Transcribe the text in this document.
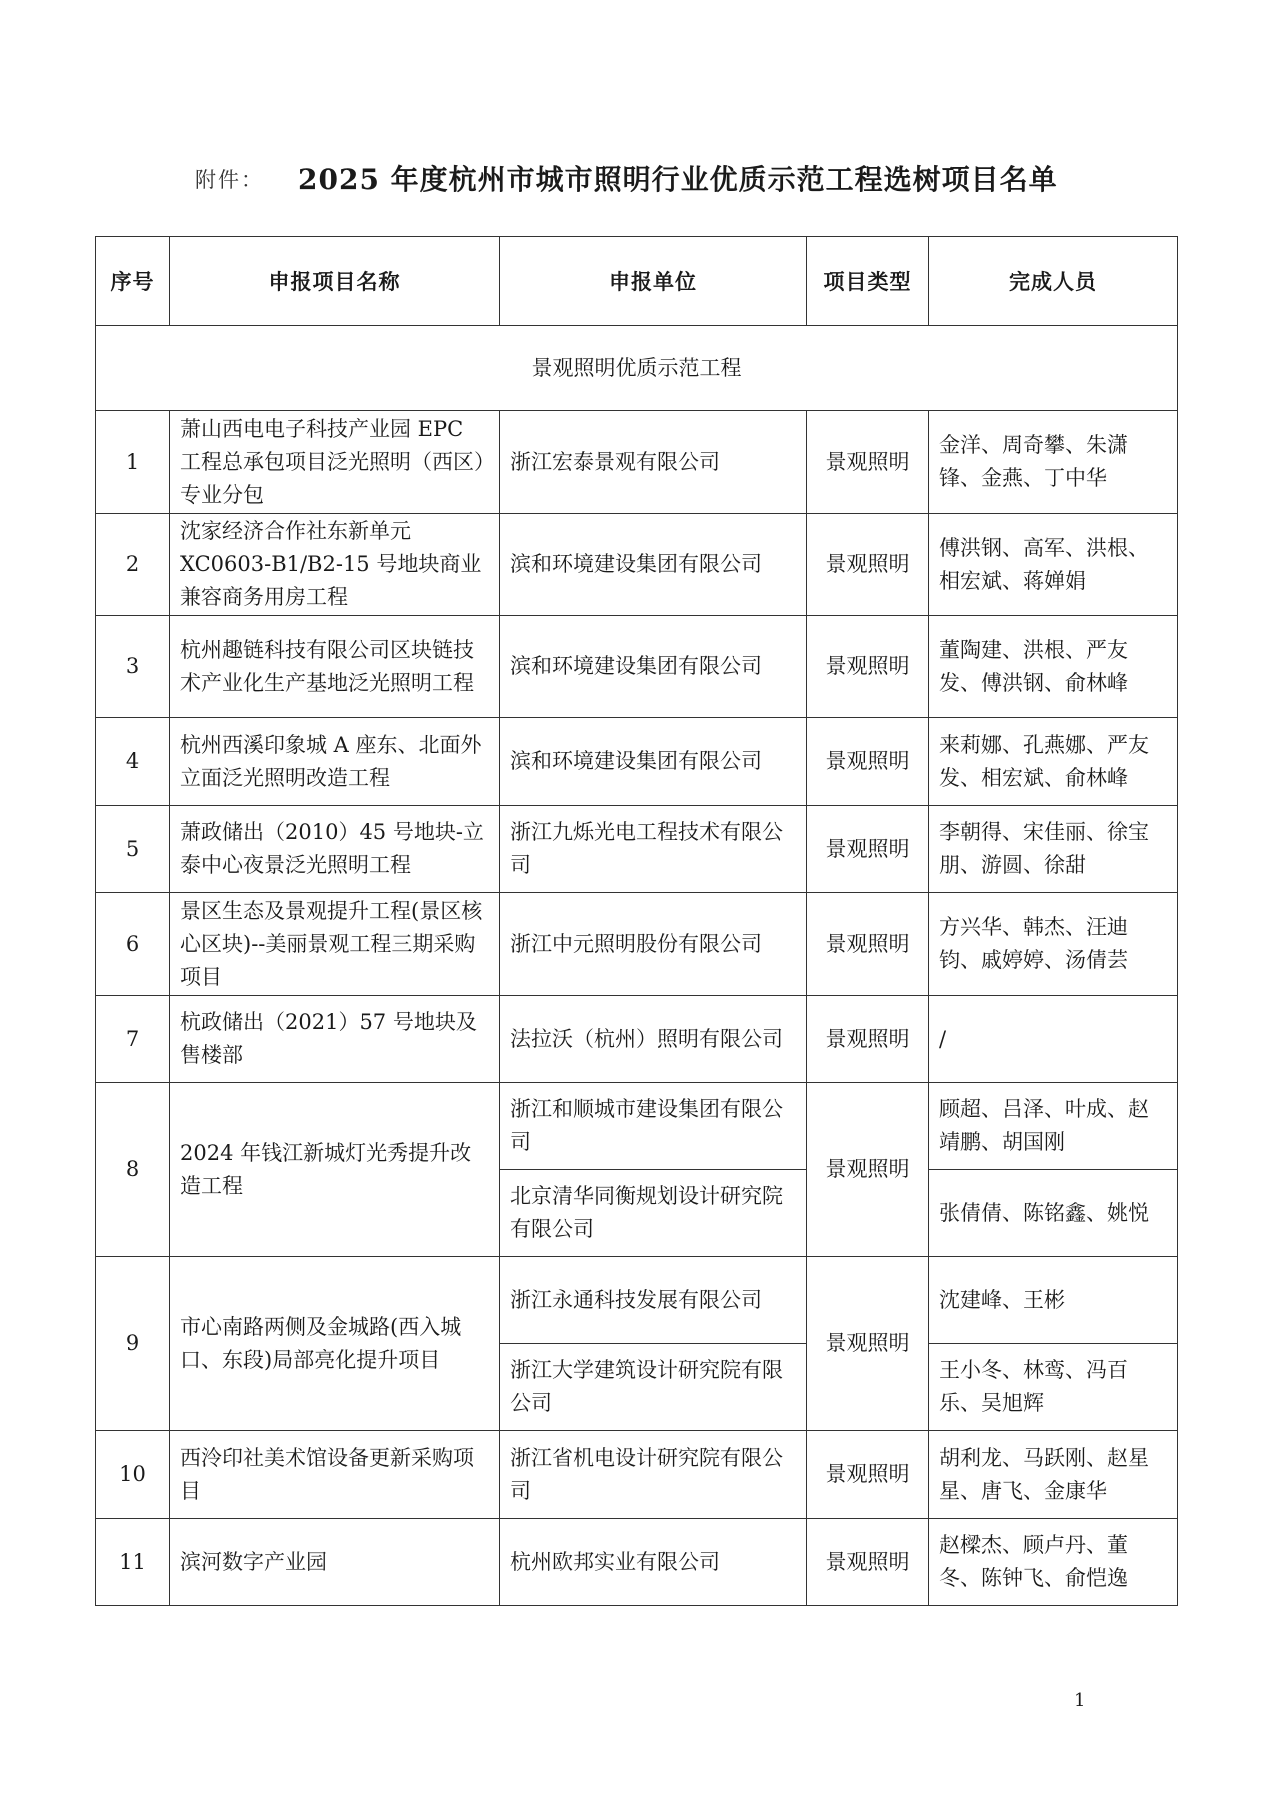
附件： 2025 年度杭州市城市照明行业优质示范工程选树项目名单
序号	申报项目名称	申报单位	项目类型	完成人员
景观照明优质示范工程				
1	萧山西电电子科技产业园 EPC 工程总承包项目泛光照明（西区）专业分包	浙江宏泰景观有限公司	景观照明	金洋、周奇攀、朱潇锋、金燕、丁中华
2	沈家经济合作社东新单元 XC0603-B1/B2-15 号地块商业兼容商务用房工程	滨和环境建设集团有限公司	景观照明	傅洪钢、高军、洪根、相宏斌、蒋婵娟
3	杭州趣链科技有限公司区块链技术产业化生产基地泛光照明工程	滨和环境建设集团有限公司	景观照明	董陶建、洪根、严友发、傅洪钢、俞林峰
4	杭州西溪印象城 A 座东、北面外立面泛光照明改造工程	滨和环境建设集团有限公司	景观照明	来莉娜、孔燕娜、严友发、相宏斌、俞林峰
5	萧政储出（2010）45 号地块-立泰中心夜景泛光照明工程	浙江九烁光电工程技术有限公司	景观照明	李朝得、宋佳丽、徐宝朋、游圆、徐甜
6	景区生态及景观提升工程(景区核心区块)--美丽景观工程三期采购项目	浙江中元照明股份有限公司	景观照明	方兴华、韩杰、汪迪钧、戚婷婷、汤倩芸
7	杭政储出（2021）57 号地块及售楼部	法拉沃（杭州）照明有限公司	景观照明	/
8	2024 年钱江新城灯光秀提升改造工程	浙江和顺城市建设集团有限公司	景观照明	顾超、吕泽、叶成、赵靖鹏、胡国刚
		北京清华同衡规划设计研究院有限公司		张倩倩、陈铭鑫、姚悦
9	市心南路两侧及金城路(西入城口、东段)局部亮化提升项目	浙江永通科技发展有限公司	景观照明	沈建峰、王彬
		浙江大学建筑设计研究院有限公司		王小冬、林鸾、冯百乐、吴旭辉
10	西泠印社美术馆设备更新采购项目	浙江省机电设计研究院有限公司	景观照明	胡利龙、马跃刚、赵星星、唐飞、金康华
11	滨河数字产业园	杭州欧邦实业有限公司	景观照明	赵樑杰、顾卢丹、董冬、陈钟飞、俞恺逸
1
